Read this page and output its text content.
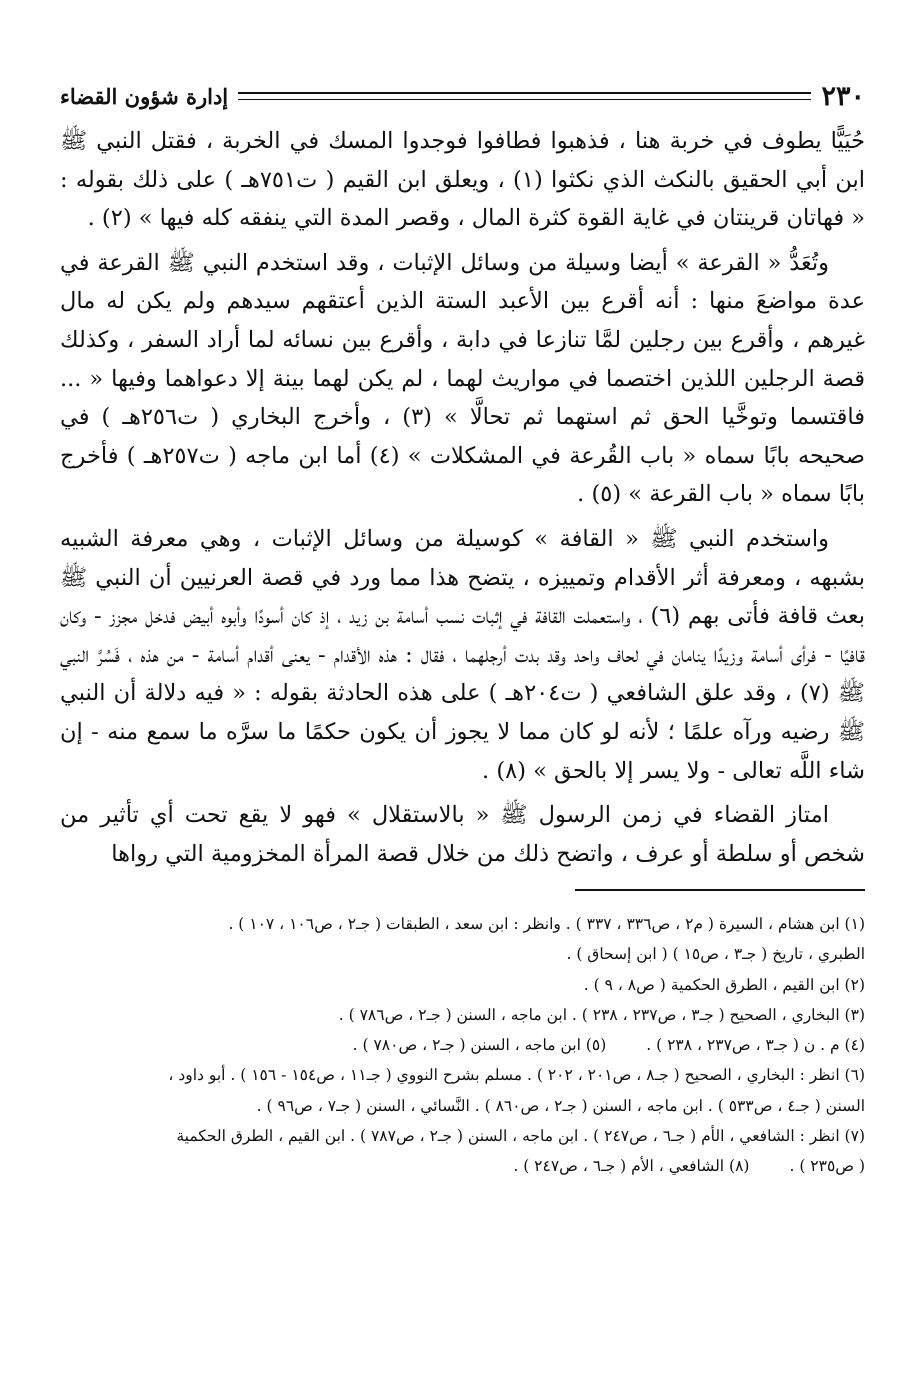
٢٣٠
إدارة شؤون القضاء

حُيَيًّا يطوف في خربة هنا ، فذهبوا فطافوا فوجدوا المسك في الخربة ، فقتل النبي ﷺ ابن أبي الحقيق بالنكث الذي نكثوا (١) ، ويعلق ابن القيم ( ت٧٥١هـ ) على ذلك بقوله : « فهاتان قرينتان في غاية القوة كثرة المال ، وقصر المدة التي ينفقه كله فيها » (٢) .

وتُعَدُّ « القرعة » أيضا وسيلة من وسائل الإثبات ، وقد استخدم النبي ﷺ القرعة في عدة مواضعَ منها : أنه أقرع بين الأعبد الستة الذين أعتقهم سيدهم ولم يكن له مال غيرهم ، وأقرع بين رجلين لمَّا تنازعا في دابة ، وأقرع بين نسائه لما أراد السفر ، وكذلك قصة الرجلين اللذين اختصما في مواريث لهما ، لم يكن لهما بينة إلا دعواهما وفيها « ... فاقتسما وتوخَّيا الحق ثم استهما ثم تحالَّا » (٣) ، وأخرج البخاري ( ت٢٥٦هـ ) في صحيحه بابًا سماه « باب القُرعة في المشكلات » (٤) أما ابن ماجه ( ت٢٥٧هـ ) فأخرج بابًا سماه « باب القرعة » (٥) .

واستخدم النبي ﷺ « القافة » كوسيلة من وسائل الإثبات ، وهي معرفة الشبيه بشبهه ، ومعرفة أثر الأقدام وتمييزه ، يتضح هذا مما ورد في قصة العرنيين أن النبي ﷺ بعث قافة فأتى بهم (٦) ، واستعملت القافة في إثبات نسب أسامة بن زيد ، إذ كان أسودًا وأبوه أبيض فدخل مجزز - وكان قافيًا - فرأى أسامة وزيدًا ينامان في لحاف واحد وقد بدت أرجلهما ، فقال : هذه الأقدام - يعنى أقدام أسامة - من هذه ، فَسُرَّ النبي ﷺ (٧) ، وقد علق الشافعي ( ت٢٠٤هـ ) على هذه الحادثة بقوله : « فيه دلالة أن النبي ﷺ رضيه ورآه علمًا ؛ لأنه لو كان مما لا يجوز أن يكون حكمًا ما سرَّه ما سمع منه - إن شاء اللَّه تعالى - ولا يسر إلا بالحق » (٨) .

امتاز القضاء في زمن الرسول ﷺ « بالاستقلال » فهو لا يقع تحت أي تأثير من شخص أو سلطة أو عرف ، واتضح ذلك من خلال قصة المرأة المخزومية التي رواها

(١) ابن هشام ، السيرة ( م٢ ، ص٣٣٦ ، ٣٣٧ ) . وانظر : ابن سعد ، الطبقات ( جـ٢ ، ص١٠٦ ، ١٠٧ ) .
الطبري ، تاريخ ( جـ٣ ، ص١٥ ) ( ابن إسحاق ) .
(٢) ابن القيم ، الطرق الحكمية ( ص٨ ، ٩ ) .
(٣) البخاري ، الصحيح ( جـ٣ ، ص٢٣٧ ، ٢٣٨ ) . ابن ماجه ، السنن ( جـ٢ ، ص٧٨٦ ) .
(٤) م . ن ( جـ٣ ، ص٢٣٧ ، ٢٣٨ ) .
(٥) ابن ماجه ، السنن ( جـ٢ ، ص٧٨٠ ) .
(٦) انظر : البخاري ، الصحيح ( جـ٨ ، ص٢٠١ ، ٢٠٢ ) . مسلم بشرح النووي ( جـ١١ ، ص١٥٤ - ١٥٦ ) . أبو داود ،
السنن ( جـ٤ ، ص٥٣٣ ) . ابن ماجه ، السنن ( جـ٢ ، ص٨٦٠ ) . النَّسائي ، السنن ( جـ٧ ، ص٩٦ ) .
(٧) انظر : الشافعي ، الأم ( جـ٦ ، ص٢٤٧ ) . ابن ماجه ، السنن ( جـ٢ ، ص٧٨٧ ) . ابن القيم ، الطرق الحكمية
( ص٢٣٥ ) .
(٨) الشافعي ، الأم ( جـ٦ ، ص٢٤٧ ) .
